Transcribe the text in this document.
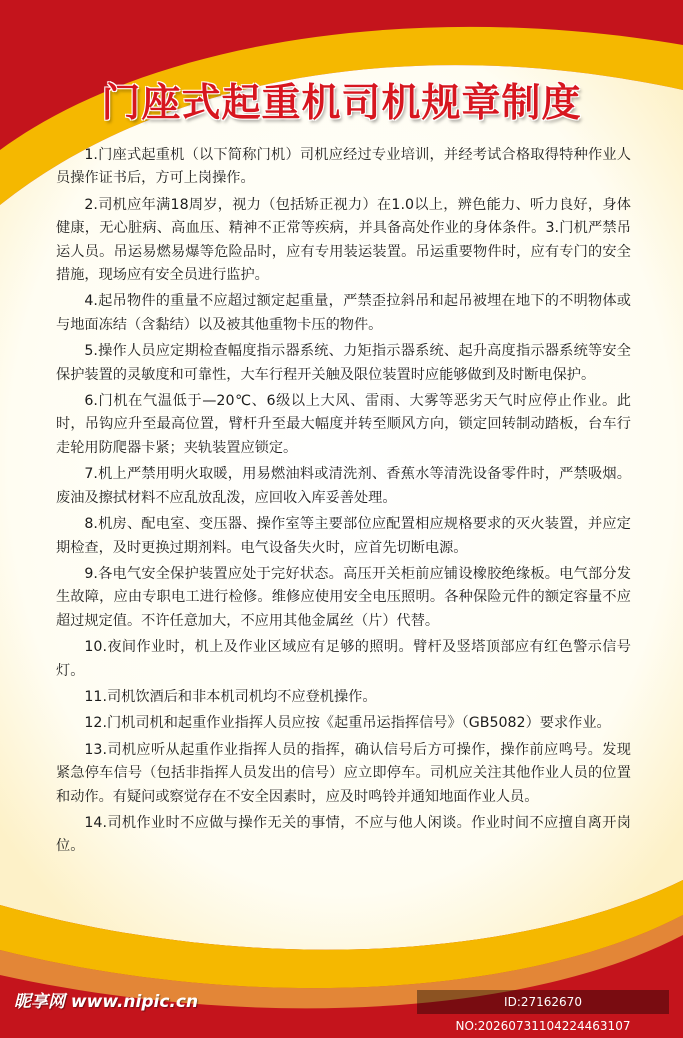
门座式起重机司机规章制度

1.门座式起重机（以下简称门机）司机应经过专业培训，并经考试合格取得特种作业人员操作证书后，方可上岗操作。

2.司机应年满18周岁，视力（包括矫正视力）在1.0以上，辨色能力、听力良好，身体健康，无心脏病、高血压、精神不正常等疾病，并具备高处作业的身体条件。3.门机严禁吊运人员。吊运易燃易爆等危险品时，应有专用装运装置。吊运重要物件时，应有专门的安全措施，现场应有安全员进行监护。

4.起吊物件的重量不应超过额定起重量，严禁歪拉斜吊和起吊被埋在地下的不明物体或与地面冻结（含黏结）以及被其他重物卡压的物件。

5.操作人员应定期检查幅度指示器系统、力矩指示器系统、起升高度指示器系统等安全保护装置的灵敏度和可靠性，大车行程开关触及限位装置时应能够做到及时断电保护。

6.门机在气温低于—20℃、6级以上大风、雷雨、大雾等恶劣天气时应停止作业。此时，吊钩应升至最高位置，臂杆升至最大幅度并转至顺风方向，锁定回转制动踏板，台车行走轮用防爬器卡紧；夹轨装置应锁定。

7.机上严禁用明火取暖，用易燃油料或清洗剂、香蕉水等清洗设备零件时，严禁吸烟。废油及擦拭材料不应乱放乱泼，应回收入库妥善处理。

8.机房、配电室、变压器、操作室等主要部位应配置相应规格要求的灭火装置，并应定期检查，及时更换过期剂料。电气设备失火时，应首先切断电源。

9.各电气安全保护装置应处于完好状态。高压开关柜前应铺设橡胶绝缘板。电气部分发生故障，应由专职电工进行检修。维修应使用安全电压照明。各种保险元件的额定容量不应超过规定值。不许任意加大，不应用其他金属丝（片）代替。

10.夜间作业时，机上及作业区域应有足够的照明。臂杆及竖塔顶部应有红色警示信号灯。

11.司机饮酒后和非本机司机均不应登机操作。

12.门机司机和起重作业指挥人员应按《起重吊运指挥信号》（GB5082）要求作业。

13.司机应听从起重作业指挥人员的指挥，确认信号后方可操作，操作前应鸣号。发现紧急停车信号（包括非指挥人员发出的信号）应立即停车。司机应关注其他作业人员的位置和动作。有疑问或察觉存在不安全因素时，应及时鸣铃并通知地面作业人员。

14.司机作业时不应做与操作无关的事情，不应与他人闲谈。作业时间不应擅自离开岗位。

昵享网 www.nipic.cn	ID:27162670 NO:20260731104224463107
